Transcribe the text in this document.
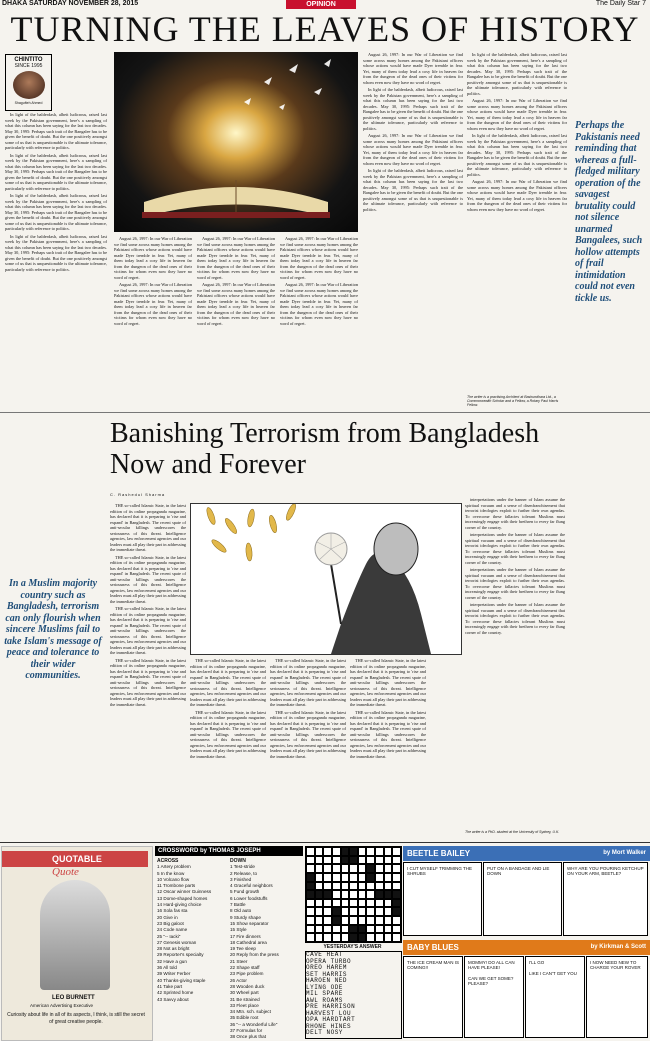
DHAKA SATURDAY NOVEMBER 28, 2015	OPINION	The Daily Star 7
TURNING THE LEAVES OF HISTORY
CHINTITO
SINCE 1995
Shagufteh Ahmed

In light of the balderdash, albeit ludicrous, raised last week by the Pakistan government, here's a sampling of what this column has been saying for the last two decades. May 30, 1995: Perhaps such trait of the Bangalee has to be given the benefit of doubt. But the one positively amongst some of us that is unquestionable is the ultimate tolerance, particularly with reference to politics.

In light of the balderdash, albeit ludicrous, raised last week by the Pakistan government, here's a sampling of what this column has been saying for the last two decades. May 30, 1995: Perhaps such trait of the Bangalee has to be given the benefit of doubt. But the one positively amongst some of us that is unquestionable is the ultimate tolerance, particularly with reference to politics.

In light of the balderdash, albeit ludicrous, raised last week by the Pakistan government, here's a sampling of what this column has been saying for the last two decades. May 30, 1995: Perhaps such trait of the Bangalee has to be given the benefit of doubt. But the one positively amongst some of us that is unquestionable is the ultimate tolerance, particularly with reference to politics.

In light of the balderdash, albeit ludicrous, raised last week by the Pakistan government, here's a sampling of what this column has been saying for the last two decades. May 30, 1995: Perhaps such trait of the Bangalee has to be given the benefit of doubt. But the one positively amongst some of us that is unquestionable is the ultimate tolerance, particularly with reference to politics.

August 26, 1997: In our War of Liberation we find some across many homes among the Pakistani officers whose actions would have made Dyer tremble in fear. Yet, many of them today lead a cosy life in heaven far from the dungeon of the dead ones of their victims for whom even now they have no word of regret.

August 26, 1997: In our War of Liberation we find some across many homes among the Pakistani officers whose actions would have made Dyer tremble in fear. Yet, many of them today lead a cosy life in heaven far from the dungeon of the dead ones of their victims for whom even now they have no word of regret.

August 26, 1997: In our War of Liberation we find some across many homes among the Pakistani officers whose actions would have made Dyer tremble in fear. Yet, many of them today lead a cosy life in heaven far from the dungeon of the dead ones of their victims for whom even now they have no word of regret.

August 26, 1997: In our War of Liberation we find some across many homes among the Pakistani officers whose actions would have made Dyer tremble in fear. Yet, many of them today lead a cosy life in heaven far from the dungeon of the dead ones of their victims for whom even now they have no word of regret.

August 26, 1997: In our War of Liberation we find some across many homes among the Pakistani officers whose actions would have made Dyer tremble in fear. Yet, many of them today lead a cosy life in heaven far from the dungeon of the dead ones of their victims for whom even now they have no word of regret.

August 26, 1997: In our War of Liberation we find some across many homes among the Pakistani officers whose actions would have made Dyer tremble in fear. Yet, many of them today lead a cosy life in heaven far from the dungeon of the dead ones of their victims for whom even now they have no word of regret.

August 26, 1997: In our War of Liberation we find some across many homes among the Pakistani officers whose actions would have made Dyer tremble in fear. Yet, many of them today lead a cosy life in heaven far from the dungeon of the dead ones of their victims for whom even now they have no word of regret.

In light of the balderdash, albeit ludicrous, raised last week by the Pakistan government, here's a sampling of what this column has been saying for the last two decades. May 30, 1995: Perhaps such trait of the Bangalee has to be given the benefit of doubt. But the one positively amongst some of us that is unquestionable is the ultimate tolerance, particularly with reference to politics.

August 26, 1997: In our War of Liberation we find some across many homes among the Pakistani officers whose actions would have made Dyer tremble in fear. Yet, many of them today lead a cosy life in heaven far from the dungeon of the dead ones of their victims for whom even now they have no word of regret.

In light of the balderdash, albeit ludicrous, raised last week by the Pakistan government, here's a sampling of what this column has been saying for the last two decades. May 30, 1995: Perhaps such trait of the Bangalee has to be given the benefit of doubt. But the one positively amongst some of us that is unquestionable is the ultimate tolerance, particularly with reference to politics.

In light of the balderdash, albeit ludicrous, raised last week by the Pakistan government, here's a sampling of what this column has been saying for the last two decades. May 30, 1995: Perhaps such trait of the Bangalee has to be given the benefit of doubt. But the one positively amongst some of us that is unquestionable is the ultimate tolerance, particularly with reference to politics.

August 26, 1997: In our War of Liberation we find some across many homes among the Pakistani officers whose actions would have made Dyer tremble in fear. Yet, many of them today lead a cosy life in heaven far from the dungeon of the dead ones of their victims for whom even now they have no word of regret.

In light of the balderdash, albeit ludicrous, raised last week by the Pakistan government, here's a sampling of what this column has been saying for the last two decades. May 30, 1995: Perhaps such trait of the Bangalee has to be given the benefit of doubt. But the one positively amongst some of us that is unquestionable is the ultimate tolerance, particularly with reference to politics.

August 26, 1997: In our War of Liberation we find some across many homes among the Pakistani officers whose actions would have made Dyer tremble in fear. Yet, many of them today lead a cosy life in heaven far from the dungeon of the dead ones of their victims for whom even now they have no word of regret.

The writer is a practising Architect at Bashundhara Ltd., a Commonwealth Scholar and a Fellow, a Rotary Paul Harris Fellow.
Perhaps the Pakistanis need reminding that whereas a full-fledged military operation of the savagest brutality could not silence unarmed Bangalees, such hollow attempts of frail intimidation could not even tickle us.
Banishing Terrorism from Bangladesh
Now and Forever
C. Rashedul Sharma

THE so-called Islamic State, in the latest edition of its online propaganda magazine, has declared that it is preparing to 'rise and expand' in Bangladesh. The recent spate of anti-secular killings underscores the seriousness of this threat. Intelligence agencies, law enforcement agencies and our leaders must all play their part in addressing the immediate threat.

THE so-called Islamic State, in the latest edition of its online propaganda magazine, has declared that it is preparing to 'rise and expand' in Bangladesh. The recent spate of anti-secular killings underscores the seriousness of this threat. Intelligence agencies, law enforcement agencies and our leaders must all play their part in addressing the immediate threat.

THE so-called Islamic State, in the latest edition of its online propaganda magazine, has declared that it is preparing to 'rise and expand' in Bangladesh. The recent spate of anti-secular killings underscores the seriousness of this threat. Intelligence agencies, law enforcement agencies and our leaders must all play their part in addressing the immediate threat.

THE so-called Islamic State, in the latest edition of its online propaganda magazine, has declared that it is preparing to 'rise and expand' in Bangladesh. The recent spate of anti-secular killings underscores the seriousness of this threat. Intelligence agencies, law enforcement agencies and our leaders must all play their part in addressing the immediate threat.

In a Muslim majority country such as Bangladesh, terrorism can only flourish when sincere Muslims fail to take Islam's message of peace and tolerance to their wider communities.

THE so-called Islamic State, in the latest edition of its online propaganda magazine, has declared that it is preparing to 'rise and expand' in Bangladesh. The recent spate of anti-secular killings underscores the seriousness of this threat. Intelligence agencies, law enforcement agencies and our leaders must all play their part in addressing the immediate threat.

THE so-called Islamic State, in the latest edition of its online propaganda magazine, has declared that it is preparing to 'rise and expand' in Bangladesh. The recent spate of anti-secular killings underscores the seriousness of this threat. Intelligence agencies, law enforcement agencies and our leaders must all play their part in addressing the immediate threat.

THE so-called Islamic State, in the latest edition of its online propaganda magazine, has declared that it is preparing to 'rise and expand' in Bangladesh. The recent spate of anti-secular killings underscores the seriousness of this threat. Intelligence agencies, law enforcement agencies and our leaders must all play their part in addressing the immediate threat.

THE so-called Islamic State, in the latest edition of its online propaganda magazine, has declared that it is preparing to 'rise and expand' in Bangladesh. The recent spate of anti-secular killings underscores the seriousness of this threat. Intelligence agencies, law enforcement agencies and our leaders must all play their part in addressing the immediate threat.

THE so-called Islamic State, in the latest edition of its online propaganda magazine, has declared that it is preparing to 'rise and expand' in Bangladesh. The recent spate of anti-secular killings underscores the seriousness of this threat. Intelligence agencies, law enforcement agencies and our leaders must all play their part in addressing the immediate threat.

THE so-called Islamic State, in the latest edition of its online propaganda magazine, has declared that it is preparing to 'rise and expand' in Bangladesh. The recent spate of anti-secular killings underscores the seriousness of this threat. Intelligence agencies, law enforcement agencies and our leaders must all play their part in addressing the immediate threat.

interpretations under the banner of Islam assume the spiritual vacuum and a sense of disenfranchisement that terrorist ideologies exploit to further their own agendas. To overcome these fallacies tolerant Muslims must increasingly engage with their brethren to every far flung corner of the country.

interpretations under the banner of Islam assume the spiritual vacuum and a sense of disenfranchisement that terrorist ideologies exploit to further their own agendas. To overcome these fallacies tolerant Muslims must increasingly engage with their brethren to every far flung corner of the country.

interpretations under the banner of Islam assume the spiritual vacuum and a sense of disenfranchisement that terrorist ideologies exploit to further their own agendas. To overcome these fallacies tolerant Muslims must increasingly engage with their brethren to every far flung corner of the country.

interpretations under the banner of Islam assume the spiritual vacuum and a sense of disenfranchisement that terrorist ideologies exploit to further their own agendas. To overcome these fallacies tolerant Muslims must increasingly engage with their brethren to every far flung corner of the country.

The writer is a PhD. student at the University of Sydney, U.K.
QUOTABLE
Quote
LEO BURNETT
American Advertising Executive
Curiosity about life in all of its aspects, I think, is still the secret of great creative people.
CROSSWORD by THOMAS JOSEPH
ACROSS
1 Artery problem
5 In the know
10 Volcano flow
11 Trombone parts
12 Oscar winner Guinness
13 Dome-shaped homes
14 Hard-giving choice
16 Sola fas sta
20 Give in
23 Big galoot
24 Code name
25 "-- Iacki"
27 Genesis woman
28 Not as bright
29 Reporter's specialty
32 Have a gun
36 All told
39 Writer Ferber
40 Thanks-giving staple
41 Take part
42 Sprinted home
43 Savvy about
DOWN
1 Test-stride
2 Release, to
3 Finished
4 Graceful neighbors
5 Fund growth
6 Lower foodstuffs
7 Battle
8 Old auto
9 Sturdy shape
15 Show separator
15 Style
17 Fire dinners
18 Cathedral area
19 Tee sleep
20 Reply from the press
21 Steer
22 Shape staff
23 Pipe problem
26 Actor
28 Wooden duck
30 Wheel part
31 Be strained
33 Fleet place
34 Mtn. sch. subject
35 Edible root
36 "-- a Wonderful Life"
37 Formulas for
38 Once plus that
YESTERDAY'S ANSWER
CAVE HEAT
OPERA TURBO
OREO HAREM
SET HARRIS
HAROEN NED
LYING ODE
MIL SPARE
AWL ROAMS
PRE HARRISON
HARVEST LOU
OPA HARDTART
RHONE HINES
DELT NOSY
BEETLE BAILEY	by Mort Walker
I CUT MYSELF TRIMMING THE SHRUBS
PUT ON A BANDAGE AND LIE DOWN
WHY ARE YOU POURING KETCHUP ON YOUR ARM, BEETLE?
BABY BLUES	by Kirkman & Scott
THE ICE CREAM MAN IS COMING!!
MOMMY! DO ALL CAN HAVE PLEASE!
CAN WE GET SOME? PLEASE?
I'LL GO
LIKE I CAN'T GET YOU
I NOW NEED NEW TO CHARGE YOUR ROVER
